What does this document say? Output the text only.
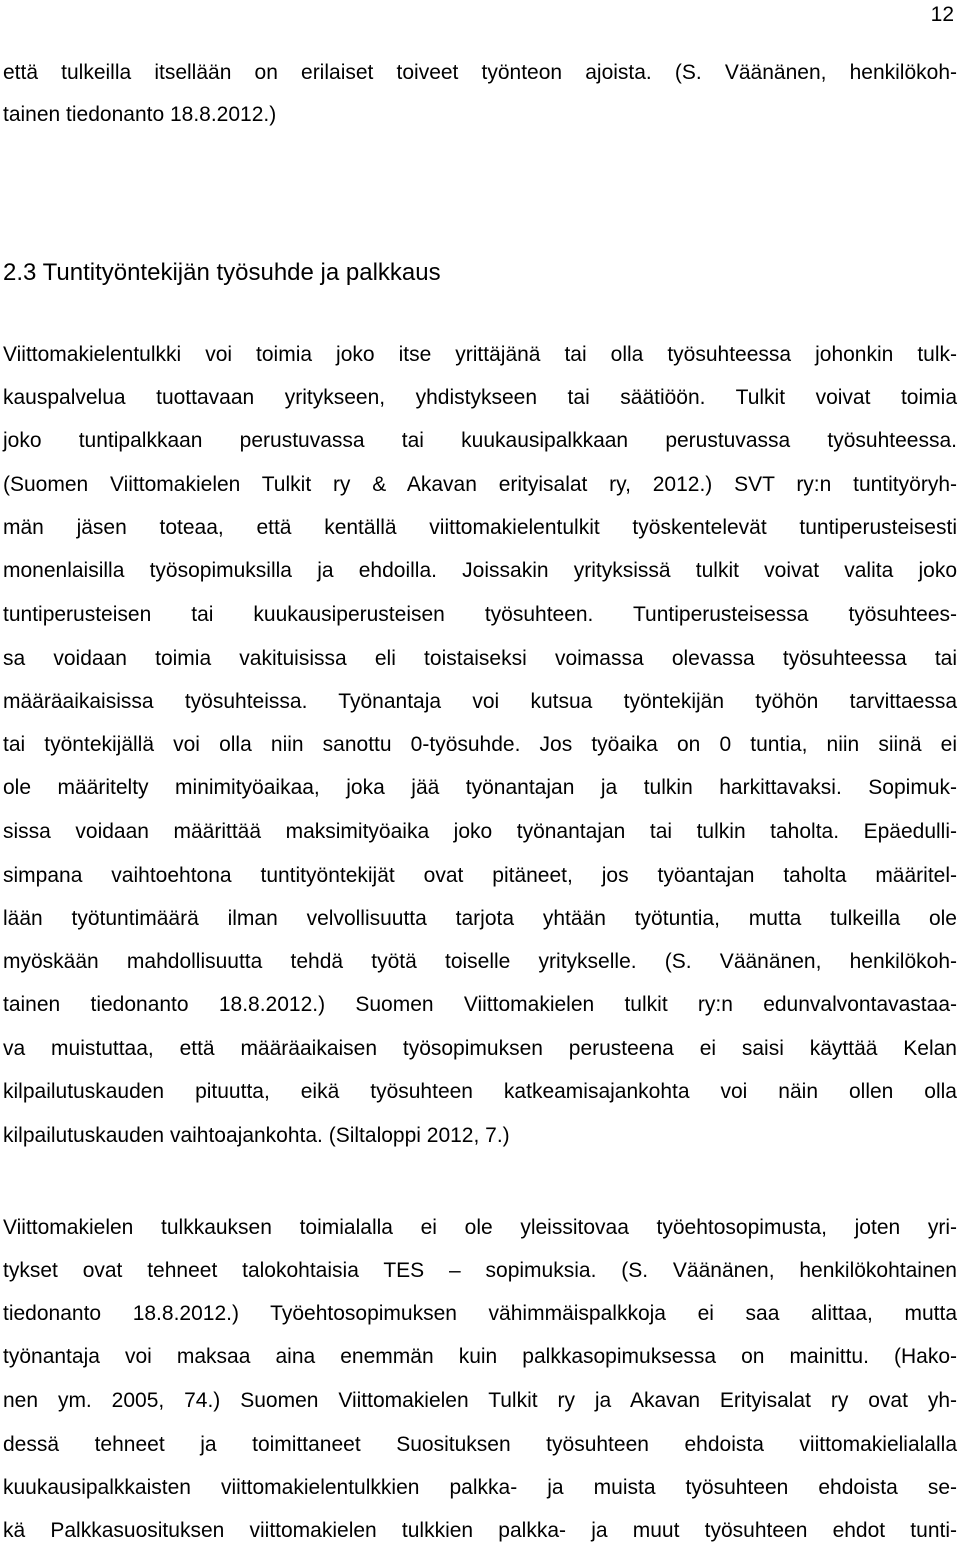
12
että tulkeilla itsellään on erilaiset toiveet työnteon ajoista. (S. Väänänen, henkilökoh-
tainen tiedonanto 18.8.2012.)
2.3 Tuntityöntekijän työsuhde ja palkkaus
Viittomakielentulkki voi toimia joko itse yrittäjänä tai olla työsuhteessa johonkin tulk-
kauspalvelua tuottavaan yritykseen, yhdistykseen tai säätiöön. Tulkit voivat toimia
joko tuntipalkkaan perustuvassa tai kuukausipalkkaan perustuvassa työsuhteessa.
(Suomen Viittomakielen Tulkit ry & Akavan erityisalat ry, 2012.) SVT ry:n tuntityöryh-
män jäsen toteaa, että kentällä viittomakielentulkit työskentelevät tuntiperusteisesti
monenlaisilla työsopimuksilla ja ehdoilla. Joissakin yrityksissä tulkit voivat valita joko
tuntiperusteisen tai kuukausiperusteisen työsuhteen. Tuntiperusteisessa työsuhtees-
sa voidaan toimia vakituisissa eli toistaiseksi voimassa olevassa työsuhteessa tai
määräaikaisissa työsuhteissa. Työnantaja voi kutsua työntekijän työhön tarvittaessa
tai työntekijällä voi olla niin sanottu 0-työsuhde. Jos työaika on 0 tuntia, niin siinä ei
ole määritelty minimityöaikaa, joka jää työnantajan ja tulkin harkittavaksi. Sopimuk-
sissa voidaan määrittää maksimityöaika joko työnantajan tai tulkin taholta. Epäedulli-
simpana vaihtoehtona tuntityöntekijät ovat pitäneet, jos työantajan taholta määritel-
lään työtuntimäärä ilman velvollisuutta tarjota yhtään työtuntia, mutta tulkeilla ole
myöskään mahdollisuutta tehdä työtä toiselle yritykselle. (S. Väänänen, henkilökoh-
tainen tiedonanto 18.8.2012.) Suomen Viittomakielen tulkit ry:n edunvalvontavastaa-
va muistuttaa, että määräaikaisen työsopimuksen perusteena ei saisi käyttää Kelan
kilpailutuskauden pituutta, eikä työsuhteen katkeamisajankohta voi näin ollen olla
kilpailutuskauden vaihtoajankohta. (Siltaloppi 2012, 7.)
Viittomakielen tulkkauksen toimialalla ei ole yleissitovaa työehtosopimusta, joten yri-
tykset ovat tehneet talokohtaisia TES – sopimuksia. (S. Väänänen, henkilökohtainen
tiedonanto 18.8.2012.) Työehtosopimuksen vähimmäispalkkoja ei saa alittaa, mutta
työnantaja voi maksaa aina enemmän kuin palkkasopimuksessa on mainittu. (Hako-
nen ym. 2005, 74.) Suomen Viittomakielen Tulkit ry ja Akavan Erityisalat ry ovat yh-
dessä tehneet ja toimittaneet Suosituksen työsuhteen ehdoista viittomakielialalla
kuukausipalkkaisten viittomakielentulkkien palkka- ja muista työsuhteen ehdoista se-
kä Palkkasuosituksen viittomakielen tulkkien palkka- ja muut työsuhteen ehdot tunti-
